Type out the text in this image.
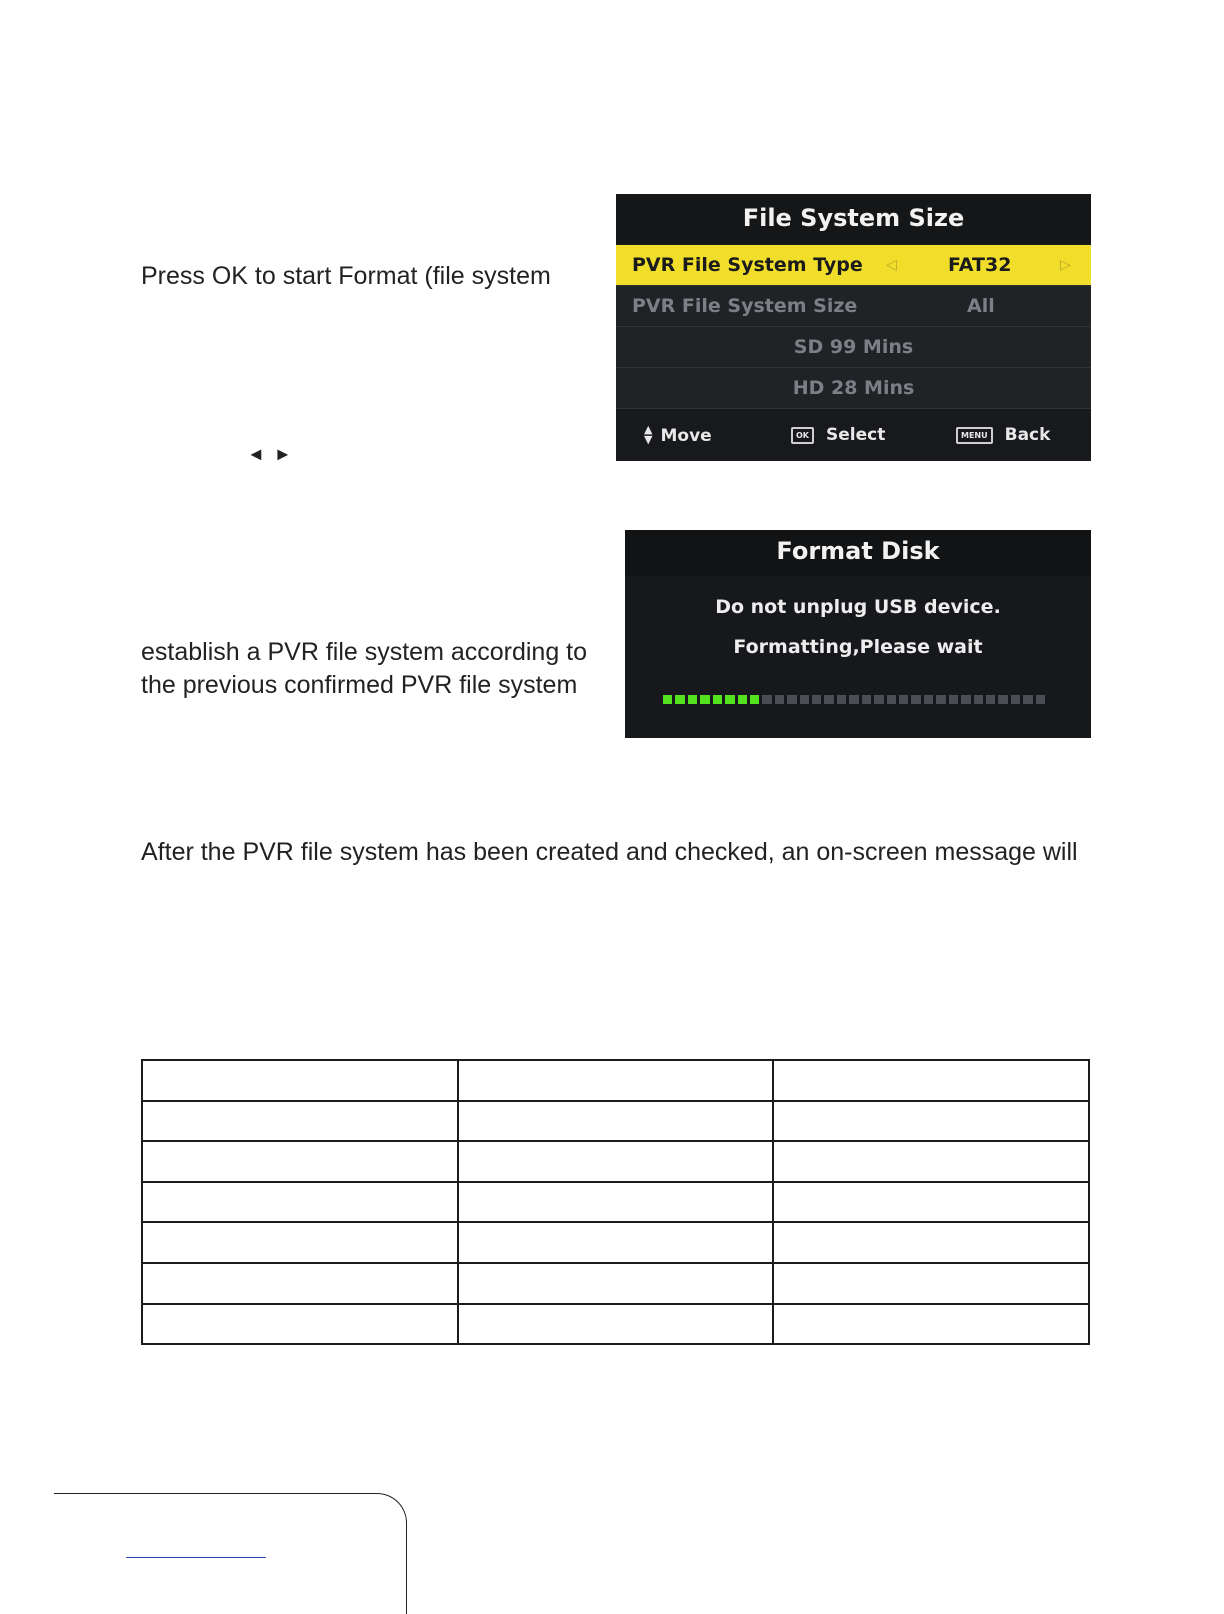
Press OK to start Format (file system
◄ ►
establish a PVR file system according to
the previous confirmed PVR file system
After the PVR file system has been created and checked, an on-screen message will
File System Size
PVR File System Type ◁	FAT32	▷
PVR File System Size	All
SD 99 Mins
HD 28 Mins
▲
▼ Move	OK Select	MENU Back
Format Disk
Do not unplug USB device.
Formatting,Please wait
